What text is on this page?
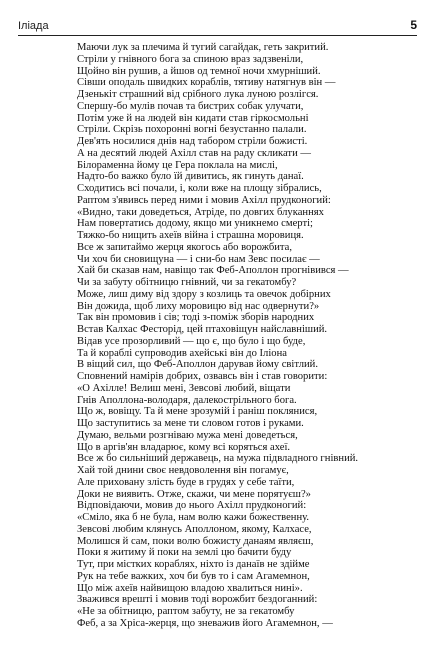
Іліада	5
Маючи лук за плечима й тугий сагайдак, геть закритий.
Стріли у гнівного бога за спиною враз задзвеніли,
Щойно він рушив, а йшов од темної ночи хмурніший.
Сівши оподаль швидких кораблів, тятиву натягнув він —
Дзенькіт страшний від срібного лука луною розлігся.
Спершу-бо мулів почав та бистрих собак улучати,
Потім уже й на людей він кидати став гіркосмольні
Стріли. Скрізь похоронні вогні безустанно палали.
Дев'ять носилися днів над табором стріли божисті.
А на десятий людей Ахілл став на раду скликати —
Білораменна йому це Гера поклала на мислі,
Надто-бо важко було їй дивитись, як гинуть данаї.
Сходитись всі почали, і, коли вже на площу зібрались,
Раптом з'явивсь перед ними і мовив Ахілл прудконогий:
«Видно, таки доведеться, Атріде, по довгих блуканнях
Нам повертатись додому, якщо ми уникнемо смерті;
Тяжко-бо нищить ахеїв війна і страшна моровиця.
Все ж запитаймо жерця якогось або ворожбита,
Чи хоч би сновищуна — і сни-бо нам Зевс посилає —
Хай би сказав нам, навіщо так Феб-Аполлон прогнівився —
Чи за забуту обітницю гнівний, чи за гекатомбу?
Може, лиш диму від здору з козлиць та овечок добірних
Він дожида, щоб лиху моровицю від нас одвернути?»
Так він промовив і сів; тоді з-поміж зборів народних
Встав Калхас Фесторід, цей птаховіщун найславніший.
Відав усе прозорливий — що є, що було і що буде,
Та й кораблі супроводив ахейські він до Іліона
В віщий сил, що Феб-Аполлон дарував йому світлий.
Сповнений намірів добрих, озвавсь він і став говорити:
«О Ахілле! Велиш мені, Зевсові любий, віщати
Гнів Аполлона-володаря, далекострільного бога.
Що ж, вовіщу. Та й мене зрозумій і раніш поклянися,
Що заступитись за мене ти словом готов і руками.
Думаю, вельми розгніваю мужа мені доведеться,
Що в аргів'ян владарює, кому всі коряться ахеї.
Все ж бо сильніший державець, на мужа підвладного гнівний.
Хай той днини своє невдоволення він погамує,
Але приховану злість буде в грудях у себе таїти,
Доки не виявить. Отже, скажи, чи мене порятуєш?»
Відповідаючи, мовив до нього Ахілл прудконогий:
«Сміло, яка б не була, нам волю кажи божественну.
Зевсові любим клянусь Аполлоном, якому, Калхасе,
Молишся й сам, поки волю божисту данаям являєш,
Поки я житиму й поки на землі цю бачити буду
Тут, при містких кораблях, ніхто із данаїв не здійме
Рук на тебе важких, хоч би був то і сам Агамемнон,
Що між ахеїв найвищою владою хвалиться нині».
Зважився врешті і мовив тоді ворожбит бездоганний:
«Не за обітницю, раптом забуту, не за гекатомбу
Феб, а за Хріса-жерця, що зневажив його Агамемнон, —
